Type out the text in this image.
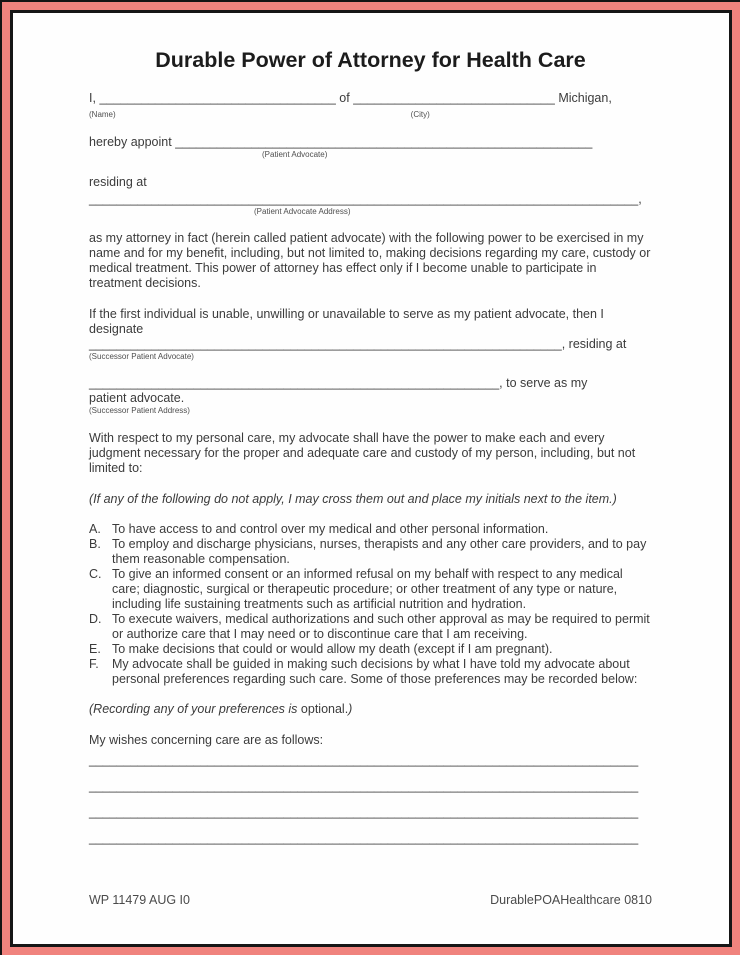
Durable Power of Attorney for Health Care
I, __________________________________ of _____________________________ Michigan,
(Name)	(City)
hereby appoint ____________________________________________________________
(Patient Advocate)
residing at
_______________________________________________________________________________,
(Patient Advocate Address)

as my attorney in fact (herein called patient advocate) with the following power to be exercised in my name and for my benefit, including, but not limited to, making decisions regarding my care, custody or medical treatment. This power of attorney has effect only if I become unable to participate in treatment decisions.

If the first individual is unable, unwilling or unavailable to serve as my patient advocate, then I designate

____________________________________________________________________, residing at
(Successor Patient Advocate)
___________________________________________________________, to serve as my
patient advocate.
(Successor Patient Address)

With respect to my personal care, my advocate shall have the power to make each and every judgment necessary for the proper and adequate care and custody of my person, including, but not limited to:

(If any of the following do not apply, I may cross them out and place my initials next to the item.)

A. To have access to and control over my medical and other personal information.
B. To employ and discharge physicians, nurses, therapists and any other care providers, and to pay them reasonable compensation.
C. To give an informed consent or an informed refusal on my behalf with respect to any medical care; diagnostic, surgical or therapeutic procedure; or other treatment of any type or nature, including life sustaining treatments such as artificial nutrition and hydration.
D. To execute waivers, medical authorizations and such other approval as may be required to permit or authorize care that I may need or to discontinue care that I am receiving.
E. To make decisions that could or would allow my death (except if I am pregnant).
F.	My advocate shall be guided in making such decisions by what I have told my advocate about personal preferences regarding such care. Some of those preferences may be recorded below:

(Recording any of your preferences is optional.)

My wishes concerning care are as follows:

_______________________________________________________________________________
_______________________________________________________________________________
_______________________________________________________________________________
_______________________________________________________________________________
WP 11479 AUG I0	DurablePOAHealthcare 0810
